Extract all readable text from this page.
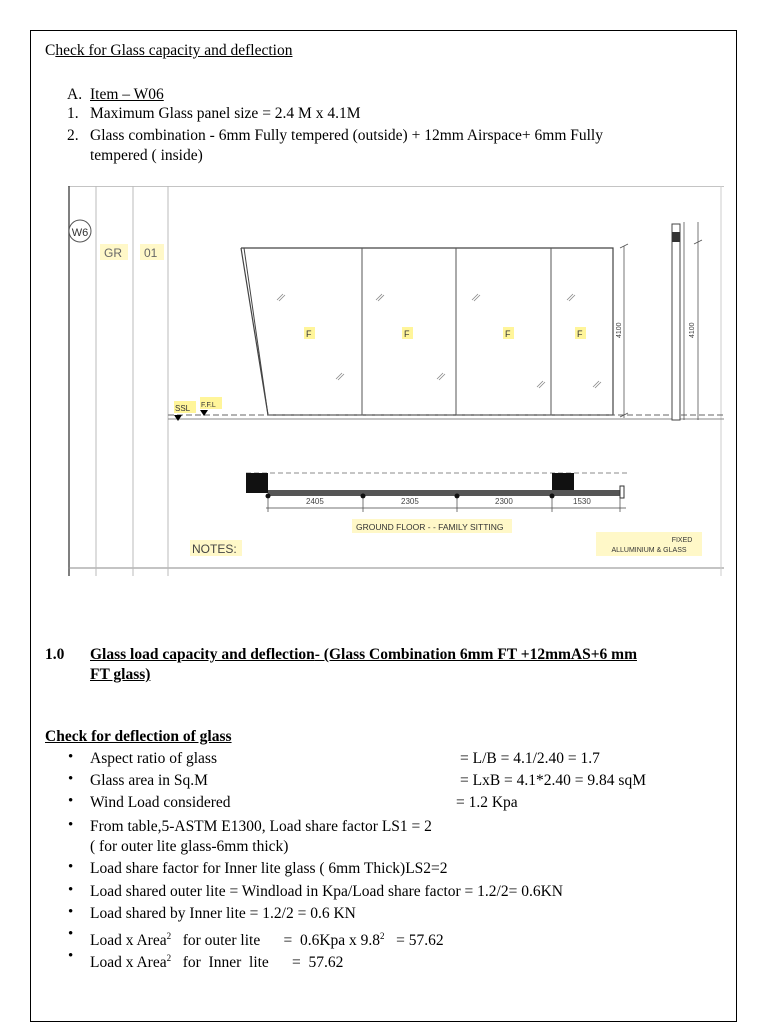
Check for Glass capacity and deflection
A. Item – W06
1. Maximum Glass panel size = 2.4 M x 4.1M
2. Glass combination - 6mm Fully tempered (outside) + 12mm Airspace+ 6mm Fully
tempered ( inside)
W6
GR 01
F	F	F	F
SSL F.F.L
4100	4100
2405	2305	2300	1530
GROUND FLOOR - - FAMILY SITTING
NOTES:
FIXED
ALLUMINIUM & GLASS
1.0 Glass load capacity and deflection- (Glass Combination 6mm FT +12mmAS+6 mm
FT glass)
Check for deflection of glass
• Aspect ratio of glass	= L/B = 4.1/2.40 = 1.7
• Glass area in Sq.M	= LxB = 4.1*2.40 = 9.84 sqM
• Wind Load considered	= 1.2 Kpa
• From table,5-ASTM E1300, Load share factor LS1 = 2
( for outer lite glass-6mm thick)
• Load share factor for Inner lite glass ( 6mm Thick)LS2=2
• Load shared outer lite = Windload in Kpa/Load share factor = 1.2/2= 0.6KN
• Load shared by Inner lite = 1.2/2 = 0.6 KN
• Load x Area$^2$   for outer lite      =  0.6Kpa x $9.8^2 = 57.62$
• Load x Area$^2$   for  Inner  lite      =  57.62
